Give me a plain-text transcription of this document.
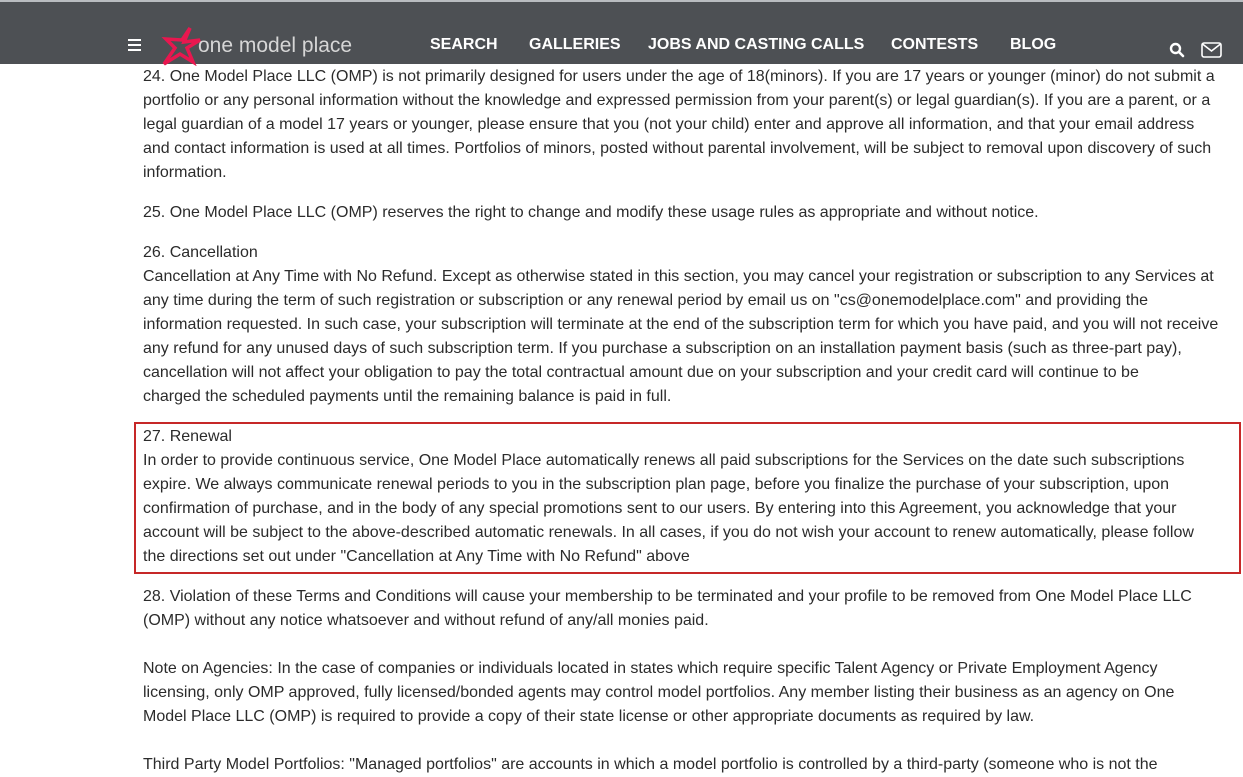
24. One Model Place LLC (OMP) is not primarily designed for users under the age of 18(minors). If you are 17 years or younger (minor) do not submit a
portfolio or any personal information without the knowledge and expressed permission from your parent(s) or legal guardian(s). If you are a parent, or a
legal guardian of a model 17 years or younger, please ensure that you (not your child) enter and approve all information, and that your email address
and contact information is used at all times. Portfolios of minors, posted without parental involvement, will be subject to removal upon discovery of such
information.
25. One Model Place LLC (OMP) reserves the right to change and modify these usage rules as appropriate and without notice.
26. Cancellation
Cancellation at Any Time with No Refund. Except as otherwise stated in this section, you may cancel your registration or subscription to any Services at
any time during the term of such registration or subscription or any renewal period by email us on "cs@onemodelplace.com" and providing the
information requested. In such case, your subscription will terminate at the end of the subscription term for which you have paid, and you will not receive
any refund for any unused days of such subscription term. If you purchase a subscription on an installation payment basis (such as three-part pay),
cancellation will not affect your obligation to pay the total contractual amount due on your subscription and your credit card will continue to be
charged the scheduled payments until the remaining balance is paid in full.
27. Renewal
In order to provide continuous service, One Model Place automatically renews all paid subscriptions for the Services on the date such subscriptions
expire. We always communicate renewal periods to you in the subscription plan page, before you finalize the purchase of your subscription, upon
confirmation of purchase, and in the body of any special promotions sent to our users. By entering into this Agreement, you acknowledge that your
account will be subject to the above-described automatic renewals. In all cases, if you do not wish your account to renew automatically, please follow
the directions set out under "Cancellation at Any Time with No Refund" above
28. Violation of these Terms and Conditions will cause your membership to be terminated and your profile to be removed from One Model Place LLC
(OMP) without any notice whatsoever and without refund of any/all monies paid.
Note on Agencies: In the case of companies or individuals located in states which require specific Talent Agency or Private Employment Agency
licensing, only OMP approved, fully licensed/bonded agents may control model portfolios. Any member listing their business as an agency on One
Model Place LLC (OMP) is required to provide a copy of their state license or other appropriate documents as required by law.
Third Party Model Portfolios: "Managed portfolios" are accounts in which a model portfolio is controlled by a third-party (someone who is not the
one model place	SEARCH GALLERIES JOBS AND CASTING CALLS CONTESTS BLOG
